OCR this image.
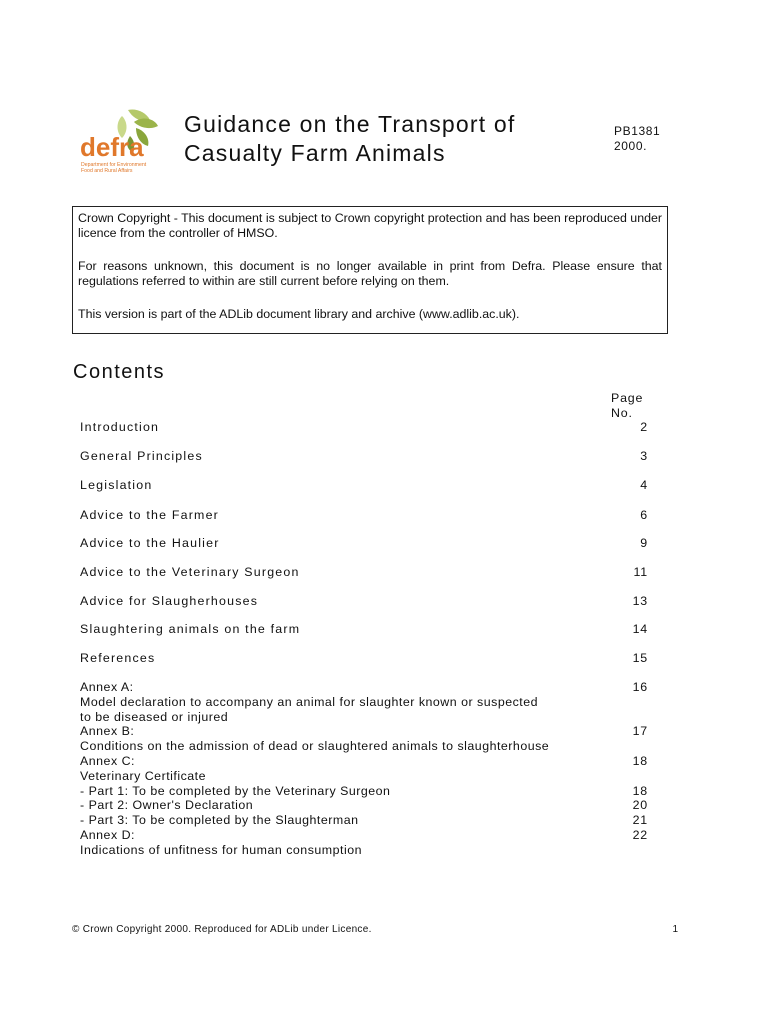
defra
Department for Environment
Food and Rural Affairs
Guidance on the Transport of
Casualty Farm Animals
PB1381
2000.

Crown Copyright - This document is subject to Crown copyright protection and has been reproduced under licence from the controller of HMSO.

For reasons unknown, this document is no longer available in print from Defra. Please ensure that regulations referred to within are still current before relying on them.

This version is part of the ADLib document library and archive (www.adlib.ac.uk).

Contents
Page
No.
Introduction	2
General Principles	3
Legislation	4
Advice to the Farmer	6
Advice to the Haulier	9
Advice to the Veterinary Surgeon	11
Advice for Slaugherhouses	13
Slaughtering animals on the farm	14
References	15
Annex A:	16
Model declaration to accompany an animal for slaughter known or suspected
to be diseased or injured
Annex B:	17
Conditions on the admission of dead or slaughtered animals to slaughterhouse
Annex C:	18
Veterinary Certificate
- Part 1: To be completed by the Veterinary Surgeon	18
- Part 2: Owner's Declaration	20
- Part 3: To be completed by the Slaughterman	21
Annex D:	22
Indications of unfitness for human consumption
© Crown Copyright 2000. Reproduced for ADLib under Licence.	1
